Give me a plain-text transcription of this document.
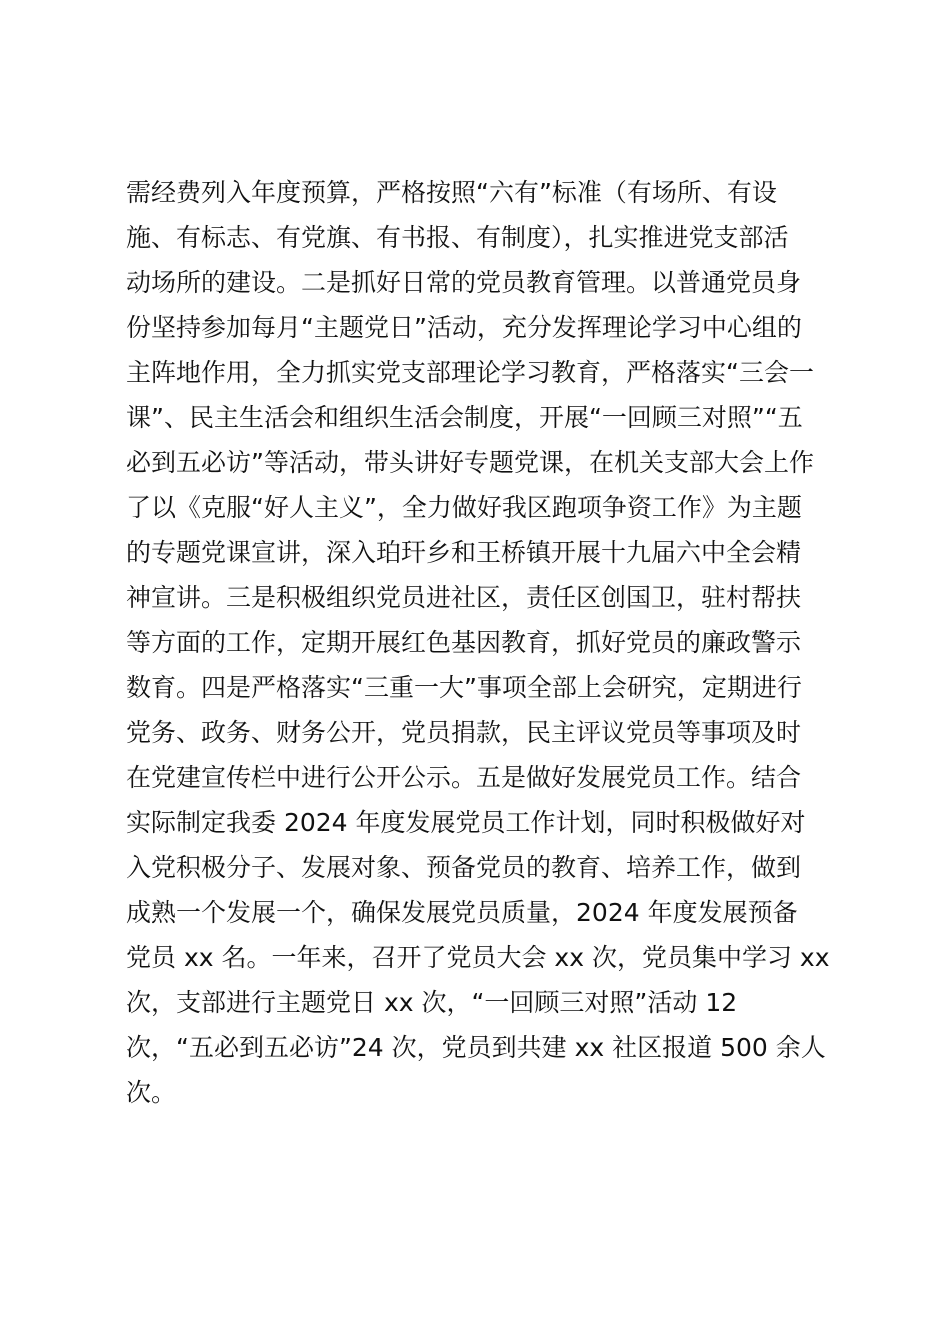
需经费列入年度预算，严格按照“六有”标准（有场所、有设
施、有标志、有党旗、有书报、有制度），扎实推进党支部活
动场所的建设。二是抓好日常的党员教育管理。以普通党员身
份坚持参加每月“主题党日”活动，充分发挥理论学习中心组的
主阵地作用，全力抓实党支部理论学习教育，严格落实“三会一
课”、民主生活会和组织生活会制度，开展“一回顾三对照”“五
必到五必访”等活动，带头讲好专题党课，在机关支部大会上作
了以《克服“好人主义”，全力做好我区跑项争资工作》为主题
的专题党课宣讲，深入珀玕乡和王桥镇开展十九届六中全会精
神宣讲。三是积极组织党员进社区，责任区创国卫，驻村帮扶
等方面的工作，定期开展红色基因教育，抓好党员的廉政警示
数育。四是严格落实“三重一大”事项全部上会研究，定期进行
党务、政务、财务公开，党员捐款，民主评议党员等事项及时
在党建宣传栏中进行公开公示。五是做好发展党员工作。结合
实际制定我委 2024 年度发展党员工作计划，同时积极做好对
入党积极分子、发展对象、预备党员的教育、培养工作，做到
成熟一个发展一个，确保发展党员质量，2024 年度发展预备
党员 xx 名。一年来，召开了党员大会 xx 次，党员集中学习 xx
次，支部进行主题党日 xx 次，“一回顾三对照”活动 12
次，“五必到五必访”24 次，党员到共建 xx 社区报道 500 余人
次。
